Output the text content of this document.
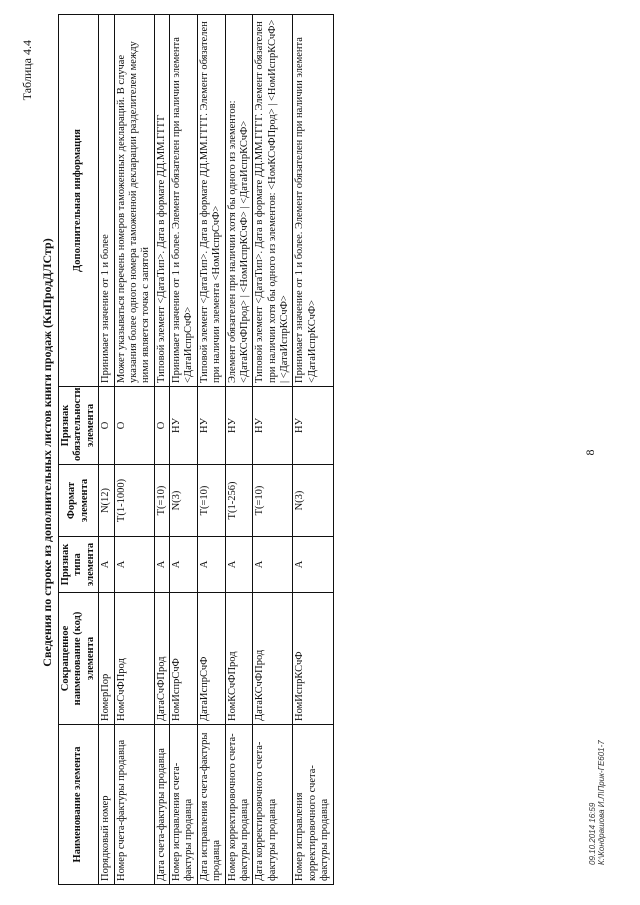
8
Таблица 4.4
Сведения по строке из дополнительных листов книги продаж (КнПродДЛСтр)
Наименование элемента	Сокращенное наименование (код) элемента	Признак типа элемента	Формат элемента	Признак обязательности элемента	Дополнительная информация
Порядковый номер	НомерПор	А	N(12)	О	Принимает значение от 1 и более
Номер счета-фактуры продавца	НомСчФПрод	А	T(1-1000)	О	Может указываться перечень номеров таможенных деклараций. В случае указания более одного номера таможенной декларации разделителем между ними является точка с запятой
Дата счета-фактуры продавца	ДатаСчФПрод	А	Т(=10)	О	Типовой элемент <ДатаТип>. Дата в формате ДД.ММ.ГГГГ
Номер исправления счета-фактуры продавца	НомИспрСчФ	А	N(3)	НУ	Принимает значение от 1 и более. Элемент обязателен при наличии элемента <ДатаИспрСчФ>
Дата исправления счета-фактуры продавца	ДатаИспрСчФ	А	Т(=10)	НУ	Типовой элемент <ДатаТип>. Дата в формате ДД.ММ.ГГГГ. Элемент обязателен при наличии элемента <НомИспрСчФ>
Номер корректировочного счета-фактуры продавца	НомКСчФПрод	А	Т(1-256)	НУ	Элемент обязателен при наличии хотя бы одного из элементов: <ДатаКСчФПрод> | <НомИспрКСчФ> | <ДатаИспрКСчФ>
Дата корректировочного счета-фактуры продавца	ДатаКСчФПрод	А	Т(=10)	НУ	Типовой элемент <ДатаТип>. Дата в формате ДД.ММ.ГГГГ. Элемент обязателен при наличии хотя бы одного из элементов: <НомКСчФПрод> | <НомИспрКСчФ> | <ДатаИспрКСчФ>
Номер исправления корректировочного счета-фактуры продавца	НомИспрКСчФ	А	N(3)	НУ	Принимает значение от 1 и более. Элемент обязателен при наличии элемента <ДатаИспрКСчФ>
09.10.2014 16:59 К:\Кондрашова И.Л\Прик-ГЕ601-7
